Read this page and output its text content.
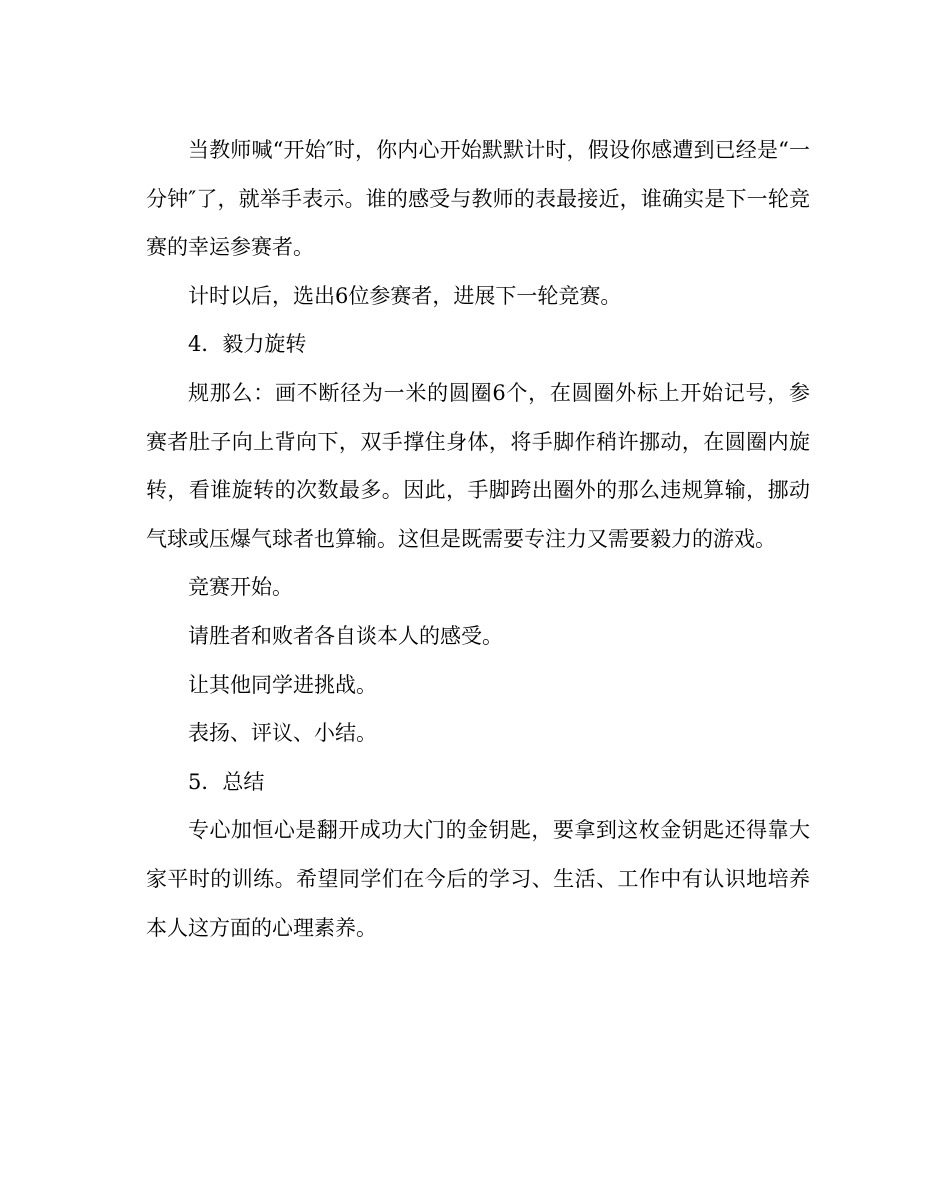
当教师喊“开始″时，你内心开始默默计时，假设你感遭到已经是“一分钟″了，就举手表示。谁的感受与教师的表最接近，谁确实是下一轮竞赛的幸运参赛者。

计时以后，选出6位参赛者，进展下一轮竞赛。

4．毅力旋转

规那么：画不断径为一米的圆圈6个，在圆圈外标上开始记号，参赛者肚子向上背向下，双手撑住身体，将手脚作稍许挪动，在圆圈内旋转，看谁旋转的次数最多。因此，手脚跨出圈外的那么违规算输，挪动气球或压爆气球者也算输。这但是既需要专注力又需要毅力的游戏。

竞赛开始。

请胜者和败者各自谈本人的感受。

让其他同学进挑战。

表扬、评议、小结。

5．总结

专心加恒心是翻开成功大门的金钥匙，要拿到这枚金钥匙还得靠大家平时的训练。希望同学们在今后的学习、生活、工作中有认识地培养本人这方面的心理素养。
